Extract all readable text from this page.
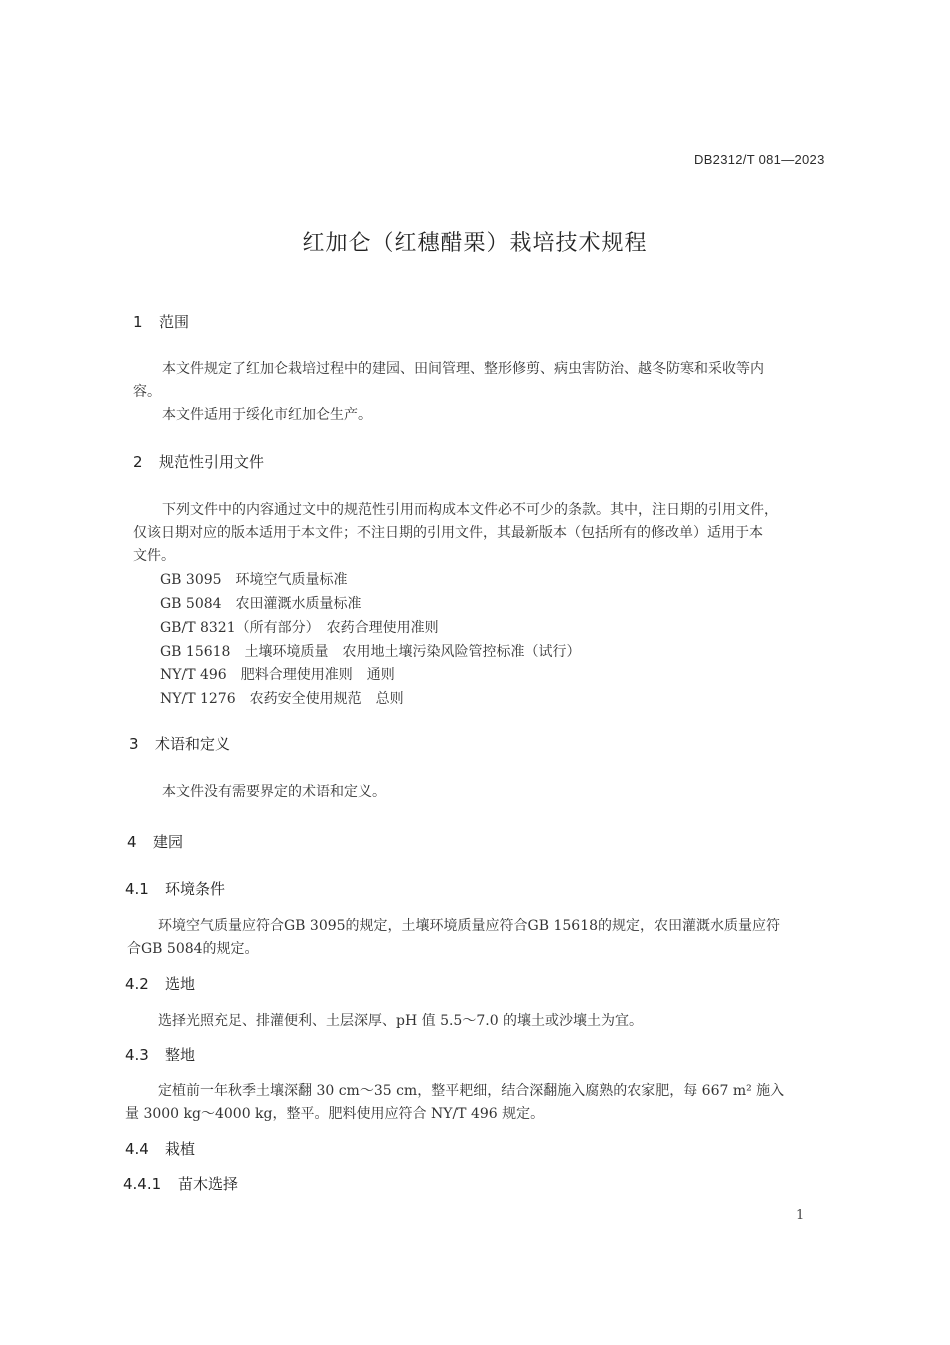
DB2312/T 081—2023
红加仑（红穗醋栗）栽培技术规程
1 范围
本文件规定了红加仑栽培过程中的建园、田间管理、整形修剪、病虫害防治、越冬防寒和采收等内
容。
本文件适用于绥化市红加仑生产。
2 规范性引用文件
下列文件中的内容通过文中的规范性引用而构成本文件必不可少的条款。其中，注日期的引用文件，
仅该日期对应的版本适用于本文件；不注日期的引用文件，其最新版本（包括所有的修改单）适用于本
文件。
GB 3095　环境空气质量标准
GB 5084　农田灌溉水质量标准
GB/T 8321（所有部分）　农药合理使用准则
GB 15618　土壤环境质量　农用地土壤污染风险管控标准（试行）
NY/T 496　肥料合理使用准则　通则
NY/T 1276　农药安全使用规范　总则
3 术语和定义
本文件没有需要界定的术语和定义。
4 建园
4.1 环境条件
环境空气质量应符合GB 3095的规定，土壤环境质量应符合GB 15618的规定，农田灌溉水质量应符
合GB 5084的规定。
4.2 选地
选择光照充足、排灌便利、土层深厚、pH 值 5.5～7.0 的壤土或沙壤土为宜。
4.3 整地
定植前一年秋季土壤深翻 30 cm～35 cm，整平耙细，结合深翻施入腐熟的农家肥，每 667 m² 施入
量 3000 kg～4000 kg，整平。肥料使用应符合 NY/T 496 规定。
4.4 栽植
4.4.1 苗木选择
1
